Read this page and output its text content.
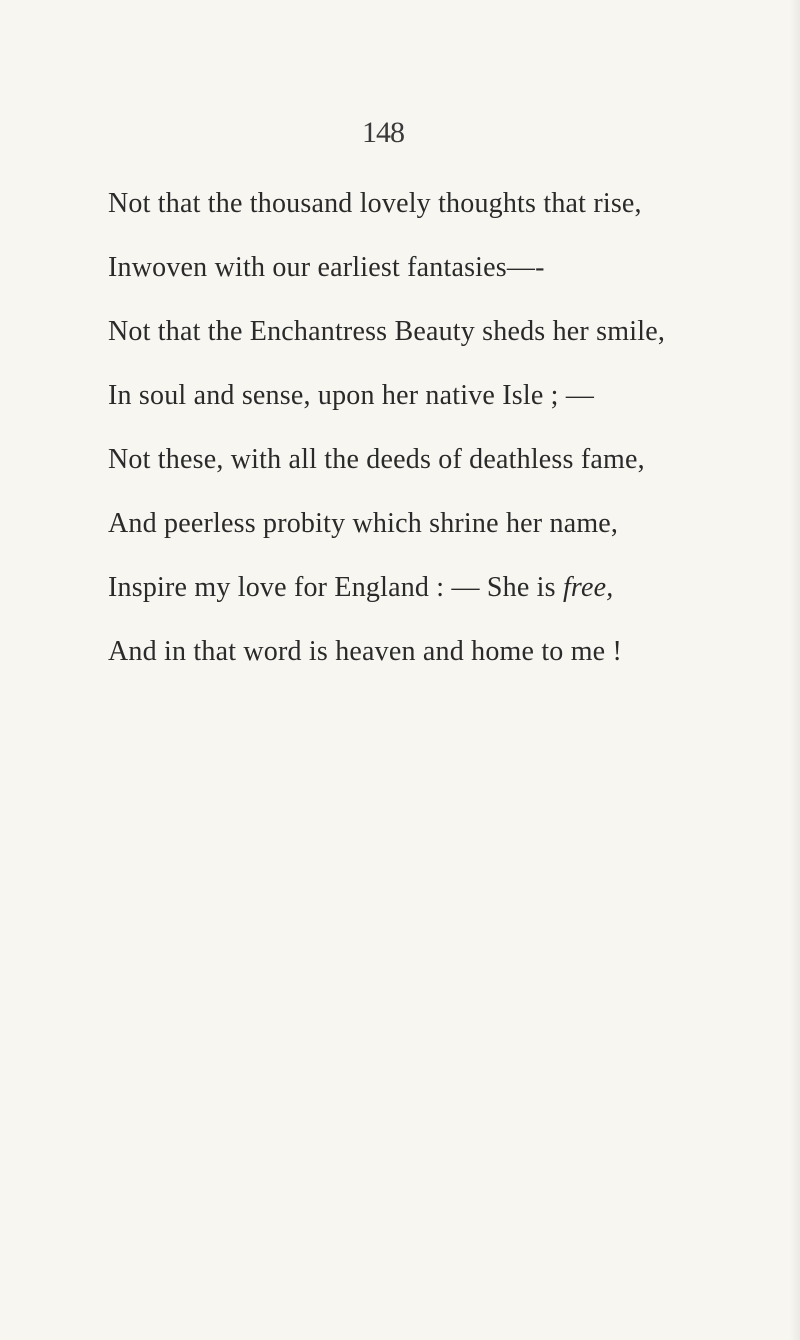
148
Not that the thousand lovely thoughts that rise,
Inwoven with our earliest fantasies—-
Not that the Enchantress Beauty sheds her smile,
In soul and sense, upon her native Isle ; —
Not these, with all the deeds of deathless fame,
And peerless probity which shrine her name,
Inspire my love for England : — She is free,
And in that word is heaven and home to me !
